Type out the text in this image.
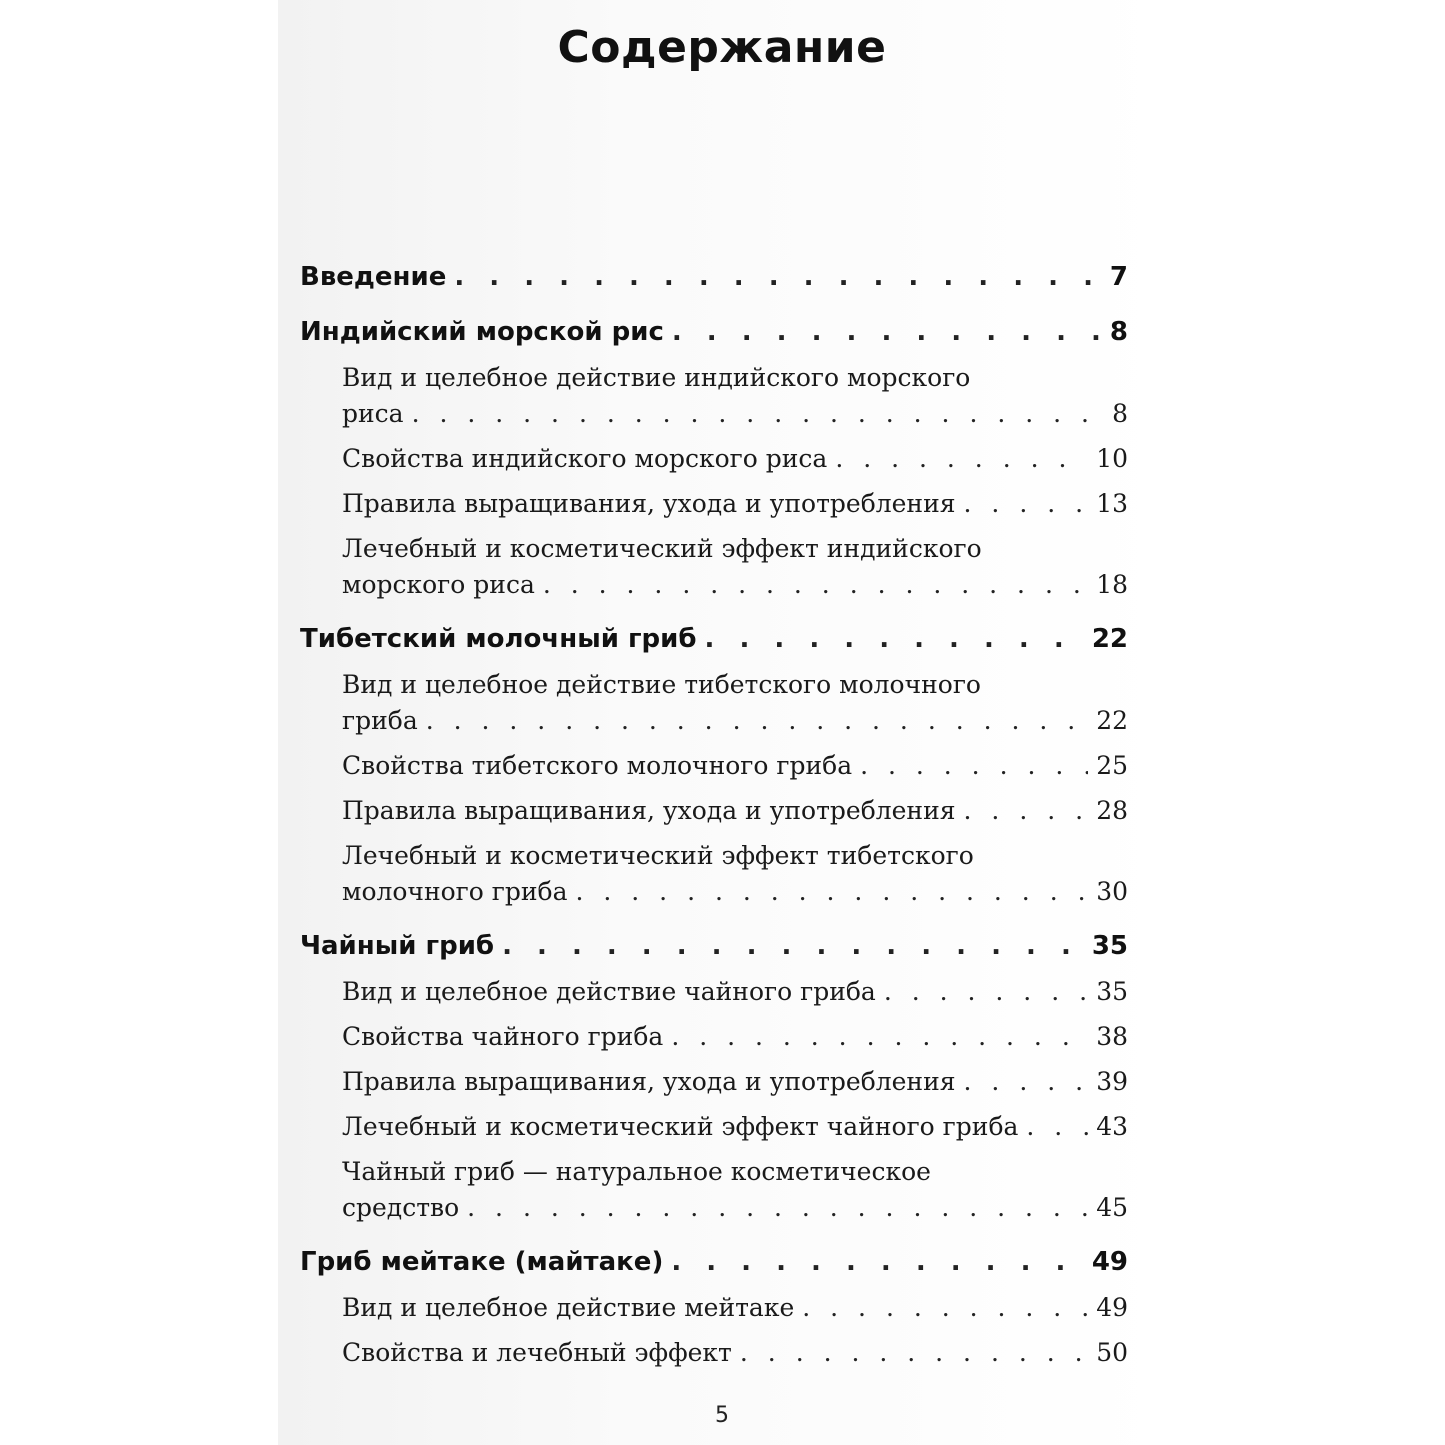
Содержание
Введение . . .	7
Индийский морской рис . . .	8
Вид и целебное действие индийского морского
риса . . .	8
Свойства индийского морского риса . . .	10
Правила выращивания, ухода и употребления . . .	13
Лечебный и косметический эффект индийского
морского риса . . .	18
Тибетский молочный гриб . . .	22
Вид и целебное действие тибетского молочного
гриба . . .	22
Свойства тибетского молочного гриба . . .	25
Правила выращивания, ухода и употребления . . .	28
Лечебный и косметический эффект тибетского
молочного гриба . . .	30
Чайный гриб . . .	35
Вид и целебное действие чайного гриба . . .	35
Свойства чайного гриба . . .	38
Правила выращивания, ухода и употребления . . .	39
Лечебный и косметический эффект чайного гриба . . .	43
Чайный гриб — натуральное косметическое
средство . . .	45
Гриб мейтаке (майтаке) . . .	49
Вид и целебное действие мейтаке . . .	49
Свойства и лечебный эффект . . .	50
5
